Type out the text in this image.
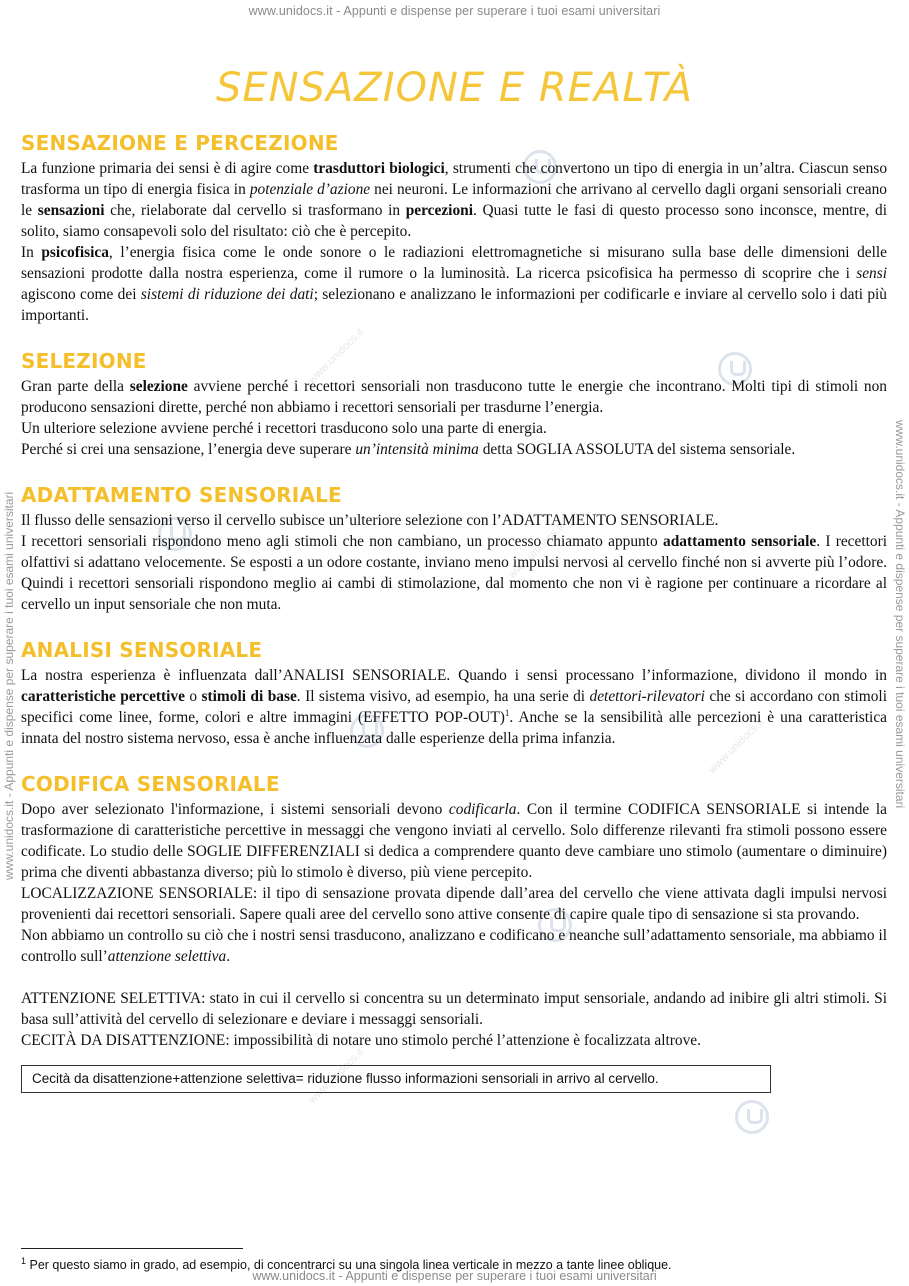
www.unidocs.it - Appunti e dispense per superare i tuoi esami universitari
www.unidocs.it - Appunti e dispense per superare i tuoi esami universitari
www.unidocs.it - Appunti e dispense per superare i tuoi esami universitari	www.unidocs.it - Appunti e dispense per superare i tuoi esami universitari
www.unidocs.it
www.unidocs.it
www.unidocs.it
www.unidocs.it
SENSAZIONE E REALTÀ
SENSAZIONE E PERCEZIONE

La funzione primaria dei sensi è di agire come trasduttori biologici, strumenti che convertono un tipo di energia in un’altra. Ciascun senso trasforma un tipo di energia fisica in potenziale d’azione nei neuroni. Le informazioni che arrivano al cervello dagli organi sensoriali creano le sensazioni che, rielaborate dal cervello si trasformano in percezioni. Quasi tutte le fasi di questo processo sono inconsce, mentre, di solito, siamo consapevoli solo del risultato: ciò che è percepito.

In psicofisica, l’energia fisica come le onde sonore o le radiazioni elettromagnetiche si misurano sulla base delle dimensioni delle sensazioni prodotte dalla nostra esperienza, come il rumore o la luminosità. La ricerca psicofisica ha permesso di scoprire che i sensi agiscono come dei sistemi di riduzione dei dati; selezionano e analizzano le informazioni per codificarle e inviare al cervello solo i dati più importanti.

SELEZIONE

Gran parte della selezione avviene perché i recettori sensoriali non trasducono tutte le energie che incontrano. Molti tipi di stimoli non producono sensazioni dirette, perché non abbiamo i recettori sensoriali per trasdurne l’energia.

Un ulteriore selezione avviene perché i recettori trasducono solo una parte di energia.

Perché si crei una sensazione, l’energia deve superare un’intensità minima detta SOGLIA ASSOLUTA del sistema sensoriale.

ADATTAMENTO SENSORIALE

Il flusso delle sensazioni verso il cervello subisce un’ulteriore selezione con l’ADATTAMENTO SENSORIALE.

I recettori sensoriali rispondono meno agli stimoli che non cambiano, un processo chiamato appunto adattamento sensoriale. I recettori olfattivi si adattano velocemente. Se esposti a un odore costante, inviano meno impulsi nervosi al cervello finché non si avverte più l’odore. Quindi i recettori sensoriali rispondono meglio ai cambi di stimolazione, dal momento che non vi è ragione per continuare a ricordare al cervello un input sensoriale che non muta.

ANALISI SENSORIALE

La nostra esperienza è influenzata dall’ANALISI SENSORIALE. Quando i sensi processano l’informazione, dividono il mondo in caratteristiche percettive o stimoli di base. Il sistema visivo, ad esempio, ha una serie di detettori-rilevatori che si accordano con stimoli specifici come linee, forme, colori e altre immagini (EFFETTO POP-OUT)$^1$. Anche se la sensibilità alle percezioni è una caratteristica innata del nostro sistema nervoso, essa è anche influenzata dalle esperienze della prima infanzia.

CODIFICA SENSORIALE

Dopo aver selezionato l'informazione, i sistemi sensoriali devono codificarla. Con il termine CODIFICA SENSORIALE si intende la trasformazione di caratteristiche percettive in messaggi che vengono inviati al cervello. Solo differenze rilevanti fra stimoli possono essere codificate. Lo studio delle SOGLIE DIFFERENZIALI si dedica a comprendere quanto deve cambiare uno stimolo (aumentare o diminuire) prima che diventi abbastanza diverso; più lo stimolo è diverso, più viene percepito.

LOCALIZZAZIONE SENSORIALE: il tipo di sensazione provata dipende dall’area del cervello che viene attivata dagli impulsi nervosi provenienti dai recettori sensoriali. Sapere quali aree del cervello sono attive consente di capire quale tipo di sensazione si sta provando.

Non abbiamo un controllo su ciò che i nostri sensi trasducono, analizzano e codificano e neanche sull’adattamento sensoriale, ma abbiamo il controllo sull’attenzione selettiva.

ATTENZIONE SELETTIVA: stato in cui il cervello si concentra su un determinato imput sensoriale, andando ad inibire gli altri stimoli. Si basa sull’attività del cervello di selezionare e deviare i messaggi sensoriali.

CECITÀ DA DISATTENZIONE: impossibilità di notare uno stimolo perché l’attenzione è focalizzata altrove.

Cecità da disattenzione+attenzione selettiva= riduzione flusso informazioni sensoriali in arrivo al cervello.
$^1$ Per questo siamo in grado, ad esempio, di concentrarci su una singola linea verticale in mezzo a tante linee oblique.
